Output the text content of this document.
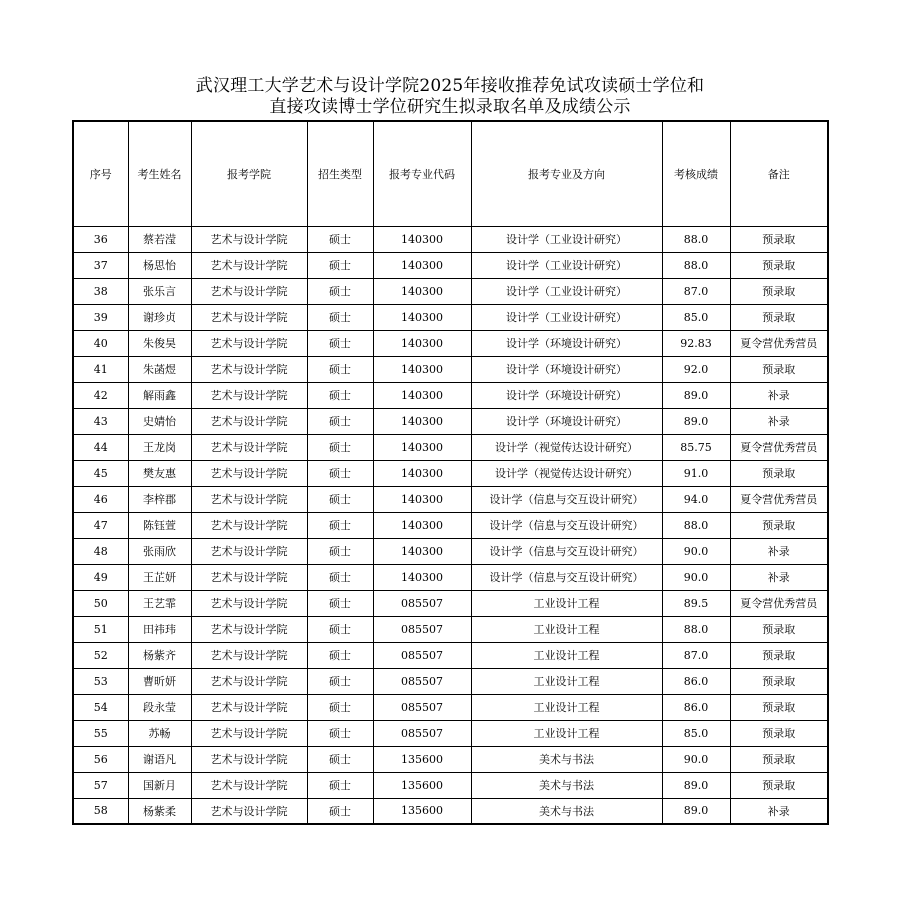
武汉理工大学艺术与设计学院2025年接收推荐免试攻读硕士学位和
直接攻读博士学位研究生拟录取名单及成绩公示
序号	考生姓名	报考学院	招生类型	报考专业代码	报考专业及方向	考核成绩	备注
36	蔡若滢	艺术与设计学院	硕士	140300	设计学（工业设计研究）	88.0	预录取
37	杨思怡	艺术与设计学院	硕士	140300	设计学（工业设计研究）	88.0	预录取
38	张乐言	艺术与设计学院	硕士	140300	设计学（工业设计研究）	87.0	预录取
39	谢珍贞	艺术与设计学院	硕士	140300	设计学（工业设计研究）	85.0	预录取
40	朱俊昊	艺术与设计学院	硕士	140300	设计学（环境设计研究）	92.83	夏令营优秀营员
41	朱菡煜	艺术与设计学院	硕士	140300	设计学（环境设计研究）	92.0	预录取
42	解雨鑫	艺术与设计学院	硕士	140300	设计学（环境设计研究）	89.0	补录
43	史婧怡	艺术与设计学院	硕士	140300	设计学（环境设计研究）	89.0	补录
44	王龙岗	艺术与设计学院	硕士	140300	设计学（视觉传达设计研究）	85.75	夏令营优秀营员
45	樊友惠	艺术与设计学院	硕士	140300	设计学（视觉传达设计研究）	91.0	预录取
46	李梓郡	艺术与设计学院	硕士	140300	设计学（信息与交互设计研究）	94.0	夏令营优秀营员
47	陈钰萱	艺术与设计学院	硕士	140300	设计学（信息与交互设计研究）	88.0	预录取
48	张雨欣	艺术与设计学院	硕士	140300	设计学（信息与交互设计研究）	90.0	补录
49	王芷妍	艺术与设计学院	硕士	140300	设计学（信息与交互设计研究）	90.0	补录
50	王艺霏	艺术与设计学院	硕士	085507	工业设计工程	89.5	夏令营优秀营员
51	田祎玮	艺术与设计学院	硕士	085507	工业设计工程	88.0	预录取
52	杨紫齐	艺术与设计学院	硕士	085507	工业设计工程	87.0	预录取
53	曹昕妍	艺术与设计学院	硕士	085507	工业设计工程	86.0	预录取
54	段永莹	艺术与设计学院	硕士	085507	工业设计工程	86.0	预录取
55	苏畅	艺术与设计学院	硕士	085507	工业设计工程	85.0	预录取
56	谢语凡	艺术与设计学院	硕士	135600	美术与书法	90.0	预录取
57	国新月	艺术与设计学院	硕士	135600	美术与书法	89.0	预录取
58	杨紫柔	艺术与设计学院	硕士	135600	美术与书法	89.0	补录
